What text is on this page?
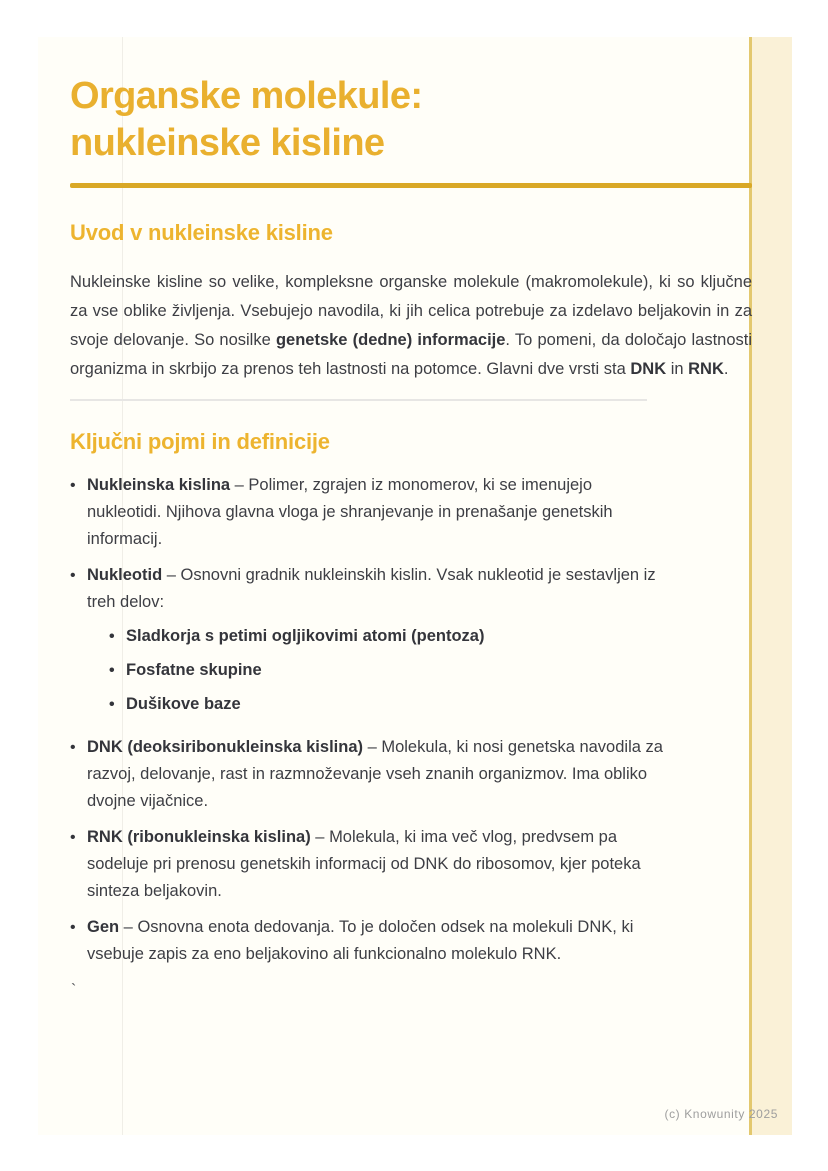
Organske molekule:
nukleinske kisline
Uvod v nukleinske kisline

Nukleinske kisline so velike, kompleksne organske molekule (makromolekule), ki so ključne za vse oblike življenja. Vsebujejo navodila, ki jih celica potrebuje za izdelavo beljakovin in za svoje delovanje. So nosilke genetske (dedne) informacije. To pomeni, da določajo lastnosti organizma in skrbijo za prenos teh lastnosti na potomce. Glavni dve vrsti sta DNK in RNK.

Ključni pojmi in definicije
• Nukleinska kislina – Polimer, zgrajen iz monomerov, ki se imenujejo nukleotidi. Njihova glavna vloga je shranjevanje in prenašanje genetskih informacij.
• Nukleotid – Osnovni gradnik nukleinskih kislin. Vsak nukleotid je sestavljen iz treh delov:
• Sladkorja s petimi ogljikovimi atomi (pentoza)
• Fosfatne skupine
• Dušikove baze
• DNK (deoksiribonukleinska kislina) – Molekula, ki nosi genetska navodila za razvoj, delovanje, rast in razmnoževanje vseh znanih organizmov. Ima obliko dvojne vijačnice.
• RNK (ribonukleinska kislina) – Molekula, ki ima več vlog, predvsem pa sodeluje pri prenosu genetskih informacij od DNK do ribosomov, kjer poteka sinteza beljakovin.
• Gen – Osnovna enota dedovanja. To je določen odsek na molekuli DNK, ki vsebuje zapis za eno beljakovino ali funkcionalno molekulo RNK.
`
(c) Knowunity 2025
